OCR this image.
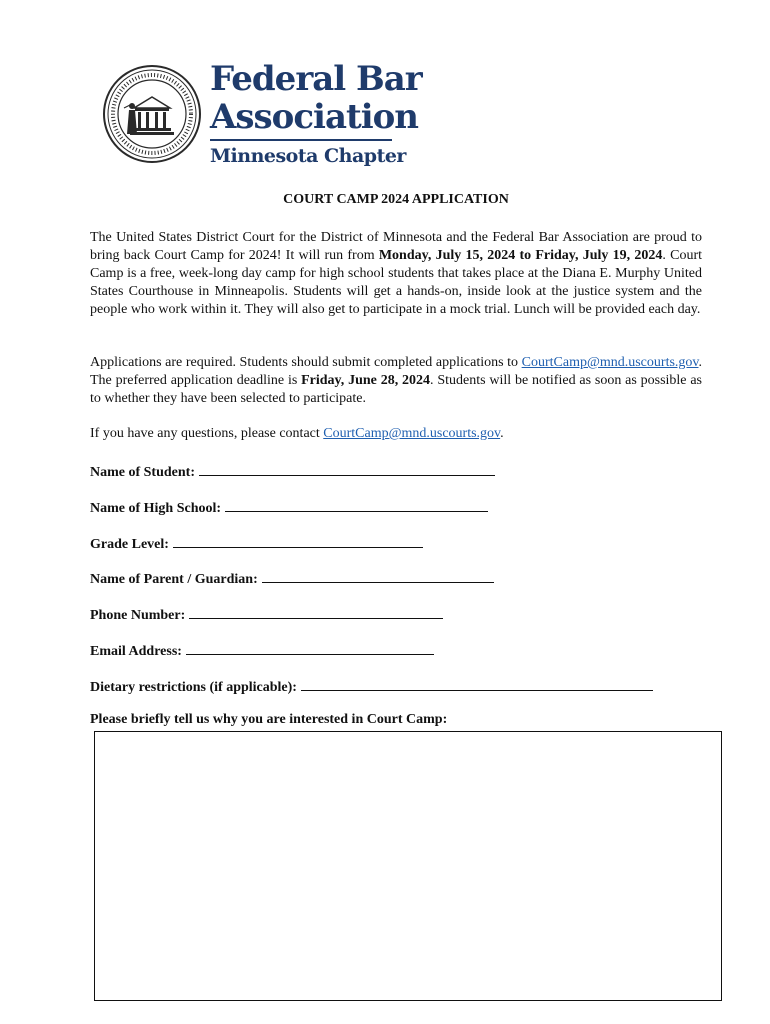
Federal Bar
Association
Minnesota Chapter
COURT CAMP 2024 APPLICATION

The United States District Court for the District of Minnesota and the Federal Bar Association are proud to bring back Court Camp for 2024! It will run from Monday, July 15, 2024 to Friday, July 19, 2024. Court Camp is a free, week-long day camp for high school students that takes place at the Diana E. Murphy United States Courthouse in Minneapolis. Students will get a hands-on, inside look at the justice system and the people who work within it. They will also get to participate in a mock trial. Lunch will be provided each day.

Applications are required. Students should submit completed applications to CourtCamp@mnd.uscourts.gov. The preferred application deadline is Friday, June 28, 2024. Students will be notified as soon as possible as to whether they have been selected to participate.

If you have any questions, please contact CourtCamp@mnd.uscourts.gov.

Name of Student:
Name of High School:
Grade Level:
Name of Parent / Guardian:
Phone Number:
Email Address:
Dietary restrictions (if applicable):
Please briefly tell us why you are interested in Court Camp:
